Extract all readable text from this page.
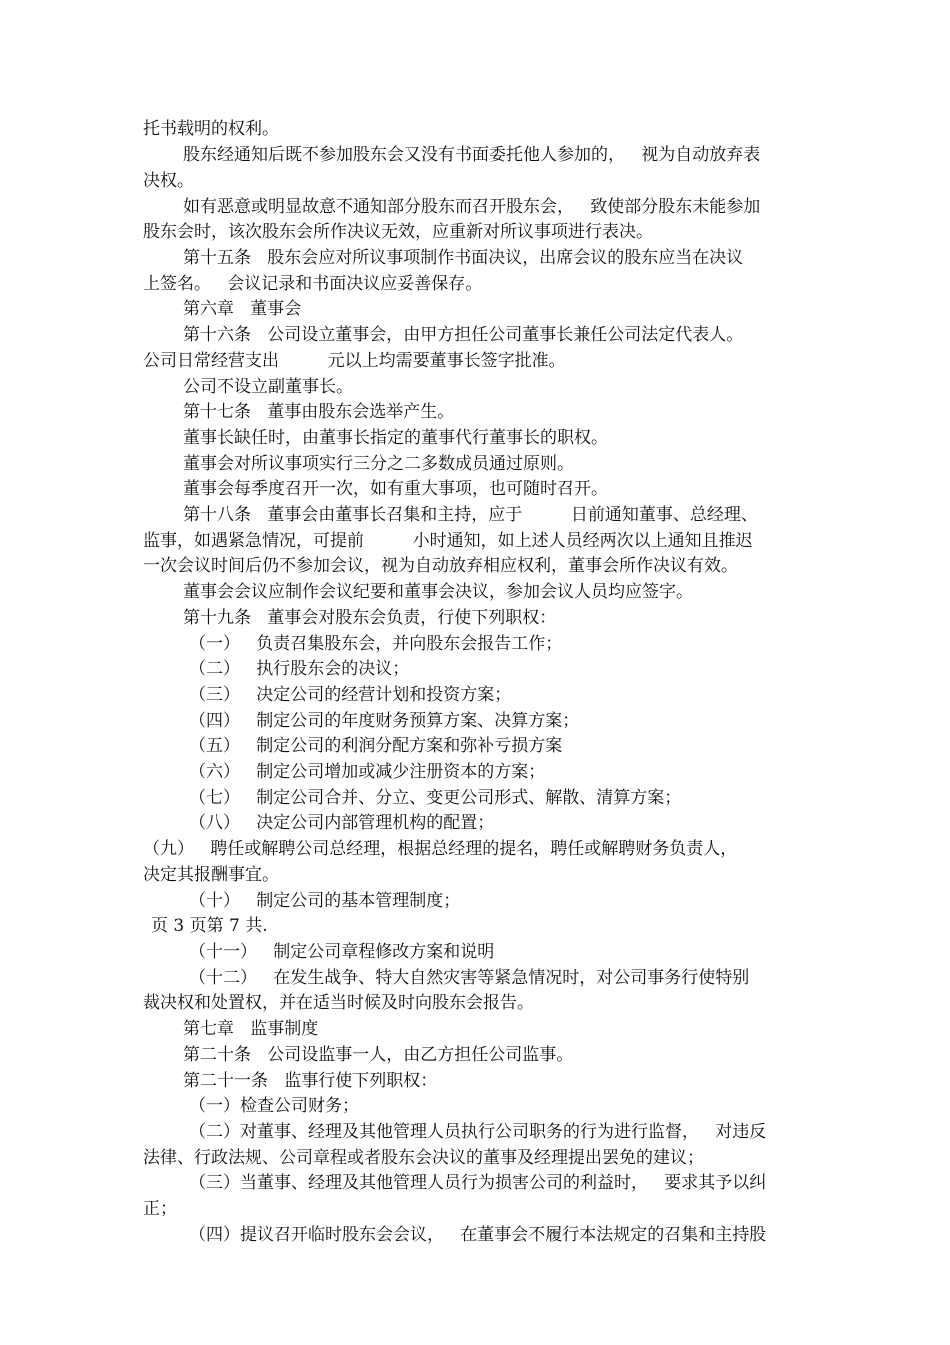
托书载明的权利。
股东经通知后既不参加股东会又没有书面委托他人参加的，   视为自动放弃表
决权。
如有恶意或明显故意不通知部分股东而召开股东会，   致使部分股东未能参加
股东会时，该次股东会所作决议无效，应重新对所议事项进行表决。
第十五条   股东会应对所议事项制作书面决议，出席会议的股东应当在决议
上签名。   会议记录和书面决议应妥善保存。
第六章   董事会
第十六条   公司设立董事会，由甲方担任公司董事长兼任公司法定代表人。
公司日常经营支出         元以上均需要董事长签字批准。
公司不设立副董事长。
第十七条   董事由股东会选举产生。
董事长缺任时，由董事长指定的董事代行董事长的职权。
董事会对所议事项实行三分之二多数成员通过原则。
董事会每季度召开一次，如有重大事项，也可随时召开。
第十八条   董事会由董事长召集和主持，应于         日前通知董事、总经理、
监事，如遇紧急情况，可提前         小时通知，如上述人员经两次以上通知且推迟
一次会议时间后仍不参加会议，视为自动放弃相应权利，董事会所作决议有效。
董事会会议应制作会议纪要和董事会决议，参加会议人员均应签字。
第十九条   董事会对股东会负责，行使下列职权：
（一）   负责召集股东会，并向股东会报告工作；
（二）   执行股东会的决议；
（三）   决定公司的经营计划和投资方案；
（四）   制定公司的年度财务预算方案、决算方案；
（五）   制定公司的利润分配方案和弥补亏损方案
（六）   制定公司增加或减少注册资本的方案；
（七）   制定公司合并、分立、变更公司形式、解散、清算方案；
（八）   决定公司内部管理机构的配置；
（九）   聘任或解聘公司总经理，根据总经理的提名，聘任或解聘财务负责人，
决定其报酬事宜。
（十）   制定公司的基本管理制度；
页 3 页第 7 共.
（十一）   制定公司章程修改方案和说明
（十二）   在发生战争、特大自然灾害等紧急情况时，对公司事务行使特别
裁决权和处置权，并在适当时候及时向股东会报告。
第七章   监事制度
第二十条   公司设监事一人，由乙方担任公司监事。
第二十一条   监事行使下列职权：
（一）检查公司财务；
（二）对董事、经理及其他管理人员执行公司职务的行为进行监督，   对违反
法律、行政法规、公司章程或者股东会决议的董事及经理提出罢免的建议；
（三）当董事、经理及其他管理人员行为损害公司的利益时，   要求其予以纠
正；
（四）提议召开临时股东会会议，   在董事会不履行本法规定的召集和主持股
